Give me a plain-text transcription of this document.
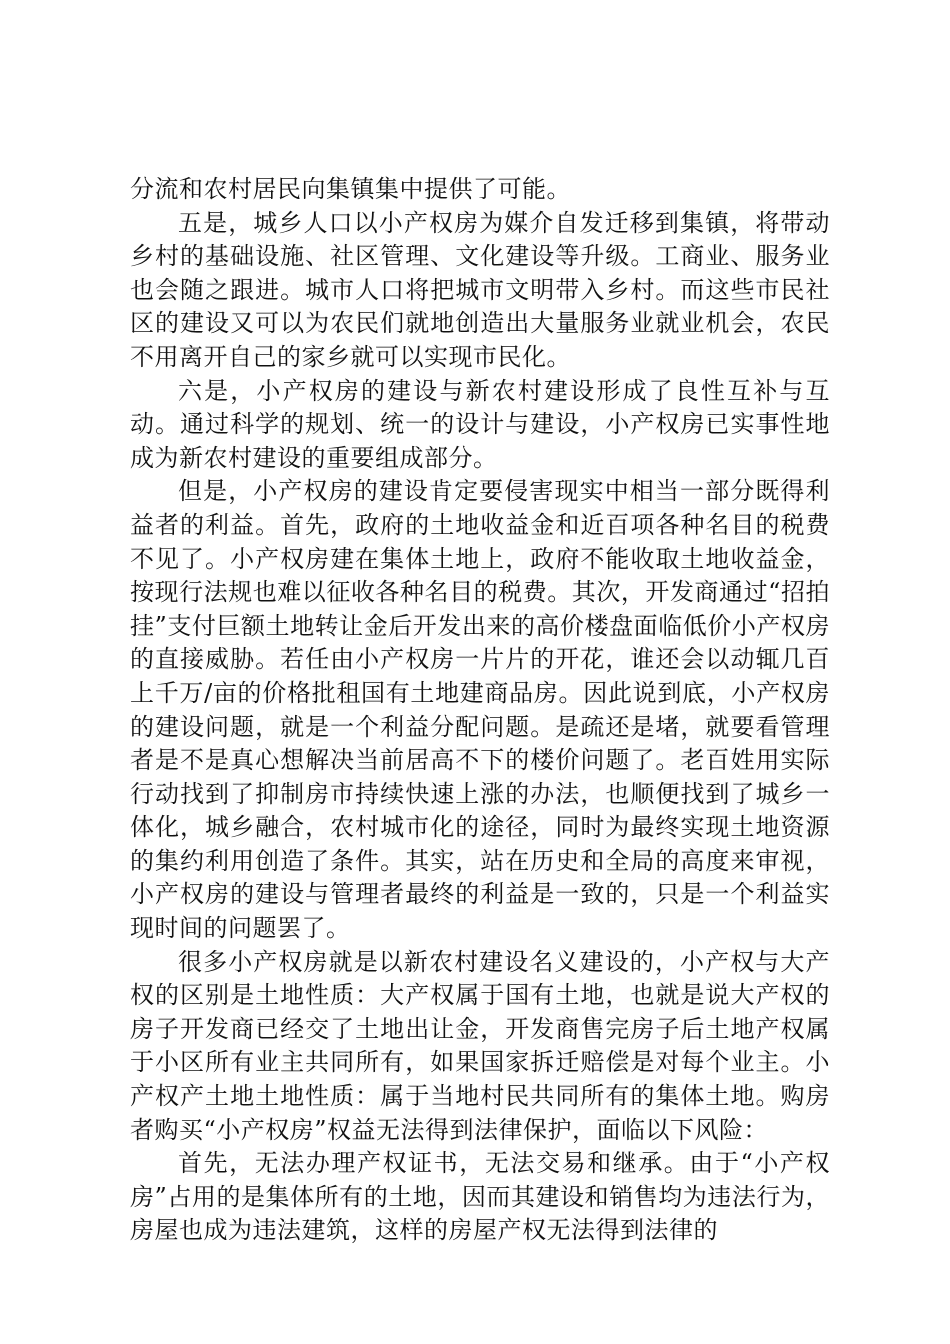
分流和农村居民向集镇集中提供了可能。

五是，城乡人口以小产权房为媒介自发迁移到集镇，将带动乡村的基础设施、社区管理、文化建设等升级。工商业、服务业也会随之跟进。城市人口将把城市文明带入乡村。而这些市民社区的建设又可以为农民们就地创造出大量服务业就业机会，农民不用离开自己的家乡就可以实现市民化。

六是，小产权房的建设与新农村建设形成了良性互补与互动。通过科学的规划、统一的设计与建设，小产权房已实事性地成为新农村建设的重要组成部分。

但是，小产权房的建设肯定要侵害现实中相当一部分既得利益者的利益。首先，政府的土地收益金和近百项各种名目的税费不见了。小产权房建在集体土地上，政府不能收取土地收益金，按现行法规也难以征收各种名目的税费。其次，开发商通过“招拍挂”支付巨额土地转让金后开发出来的高价楼盘面临低价小产权房的直接威胁。若任由小产权房一片片的开花，谁还会以动辄几百上千万/亩的价格批租国有土地建商品房。因此说到底，小产权房的建设问题，就是一个利益分配问题。是疏还是堵，就要看管理者是不是真心想解决当前居高不下的楼价问题了。老百姓用实际行动找到了抑制房市持续快速上涨的办法，也顺便找到了城乡一体化，城乡融合，农村城市化的途径，同时为最终实现土地资源的集约利用创造了条件。其实，站在历史和全局的高度来审视，小产权房的建设与管理者最终的利益是一致的，只是一个利益实现时间的问题罢了。

很多小产权房就是以新农村建设名义建设的，小产权与大产权的区别是土地性质：大产权属于国有土地，也就是说大产权的房子开发商已经交了土地出让金，开发商售完房子后土地产权属于小区所有业主共同所有，如果国家拆迁赔偿是对每个业主。小产权产土地土地性质：属于当地村民共同所有的集体土地。购房者购买“小产权房”权益无法得到法律保护，面临以下风险：

首先，无法办理产权证书，无法交易和继承。由于“小产权房”占用的是集体所有的土地，因而其建设和销售均为违法行为，房屋也成为违法建筑，这样的房屋产权无法得到法律的
